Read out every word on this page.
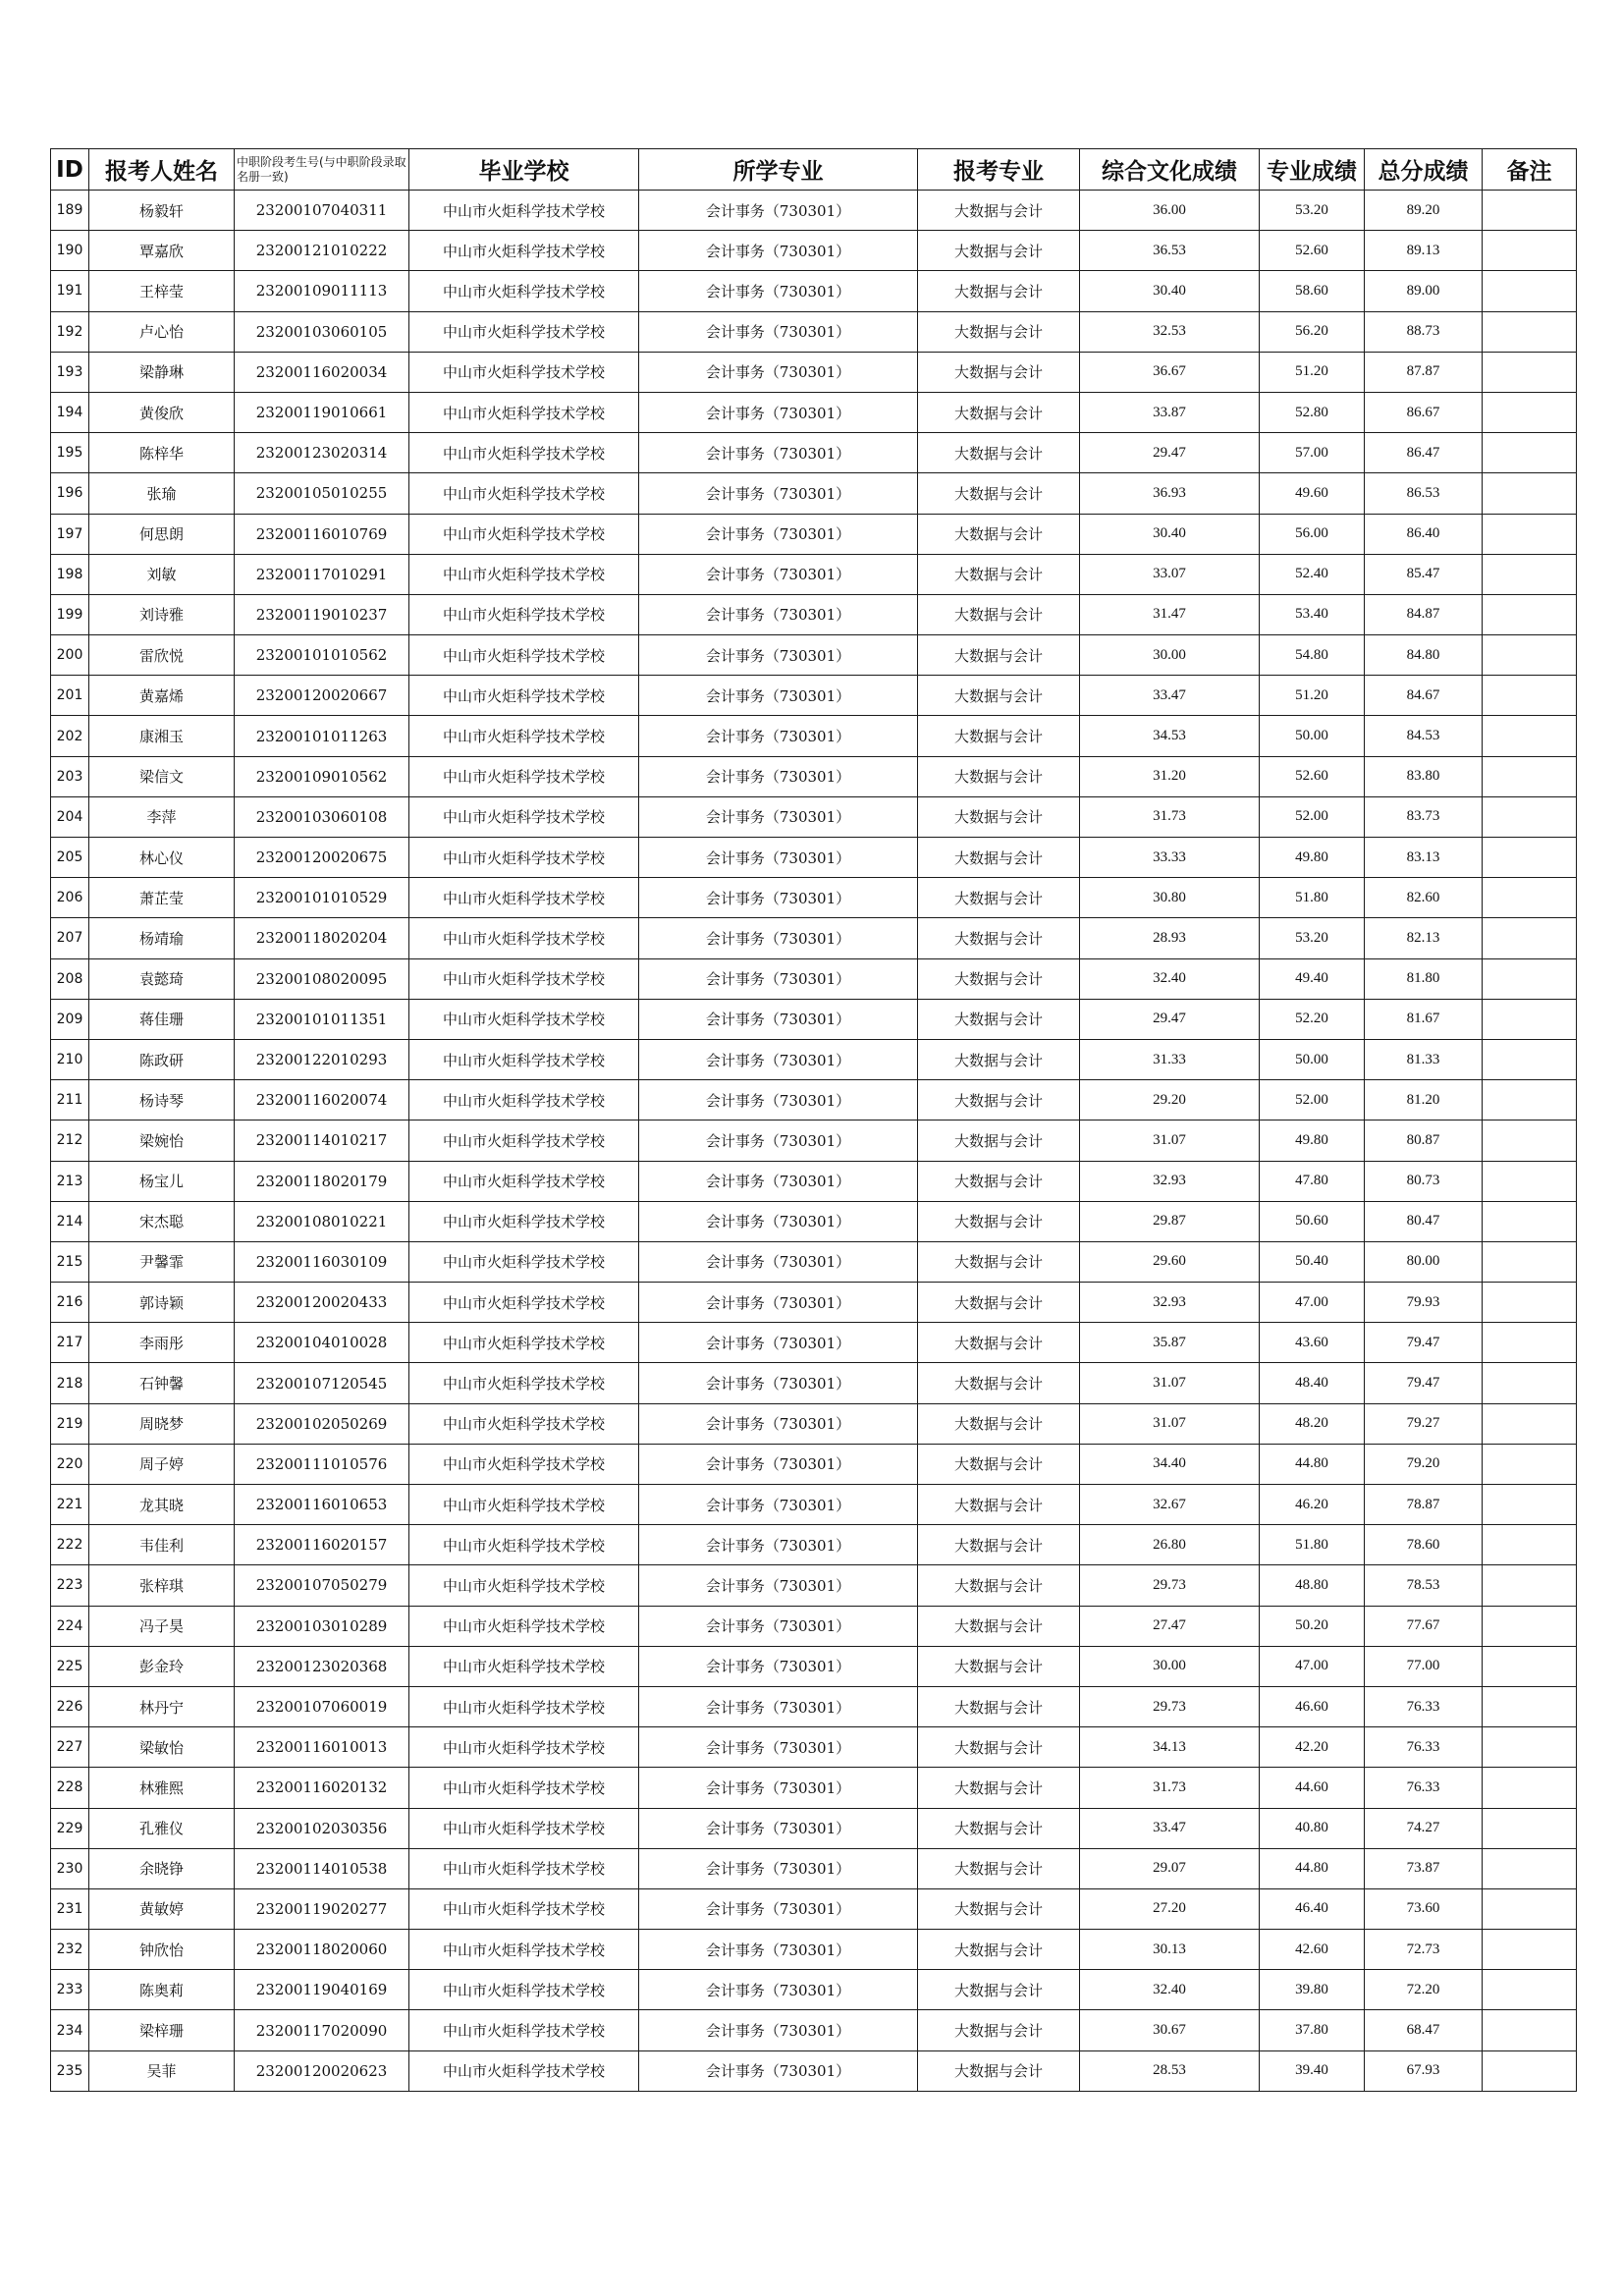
ID	报考人姓名	中职阶段考生号(与中职阶段录取名册一致)	毕业学校	所学专业	报考专业	综合文化成绩	专业成绩	总分成绩	备注
189	杨毅轩	23200107040311	中山市火炬科学技术学校	会计事务（730301）	大数据与会计	36.00	53.20	89.20	
190	覃嘉欣	23200121010222	中山市火炬科学技术学校	会计事务（730301）	大数据与会计	36.53	52.60	89.13	
191	王梓莹	23200109011113	中山市火炬科学技术学校	会计事务（730301）	大数据与会计	30.40	58.60	89.00	
192	卢心怡	23200103060105	中山市火炬科学技术学校	会计事务（730301）	大数据与会计	32.53	56.20	88.73	
193	梁静琳	23200116020034	中山市火炬科学技术学校	会计事务（730301）	大数据与会计	36.67	51.20	87.87	
194	黄俊欣	23200119010661	中山市火炬科学技术学校	会计事务（730301）	大数据与会计	33.87	52.80	86.67	
195	陈梓华	23200123020314	中山市火炬科学技术学校	会计事务（730301）	大数据与会计	29.47	57.00	86.47	
196	张瑜	23200105010255	中山市火炬科学技术学校	会计事务（730301）	大数据与会计	36.93	49.60	86.53	
197	何思朗	23200116010769	中山市火炬科学技术学校	会计事务（730301）	大数据与会计	30.40	56.00	86.40	
198	刘敏	23200117010291	中山市火炬科学技术学校	会计事务（730301）	大数据与会计	33.07	52.40	85.47	
199	刘诗雅	23200119010237	中山市火炬科学技术学校	会计事务（730301）	大数据与会计	31.47	53.40	84.87	
200	雷欣悦	23200101010562	中山市火炬科学技术学校	会计事务（730301）	大数据与会计	30.00	54.80	84.80	
201	黄嘉烯	23200120020667	中山市火炬科学技术学校	会计事务（730301）	大数据与会计	33.47	51.20	84.67	
202	康湘玉	23200101011263	中山市火炬科学技术学校	会计事务（730301）	大数据与会计	34.53	50.00	84.53	
203	梁信文	23200109010562	中山市火炬科学技术学校	会计事务（730301）	大数据与会计	31.20	52.60	83.80	
204	李萍	23200103060108	中山市火炬科学技术学校	会计事务（730301）	大数据与会计	31.73	52.00	83.73	
205	林心仪	23200120020675	中山市火炬科学技术学校	会计事务（730301）	大数据与会计	33.33	49.80	83.13	
206	萧芷莹	23200101010529	中山市火炬科学技术学校	会计事务（730301）	大数据与会计	30.80	51.80	82.60	
207	杨靖瑜	23200118020204	中山市火炬科学技术学校	会计事务（730301）	大数据与会计	28.93	53.20	82.13	
208	袁懿琦	23200108020095	中山市火炬科学技术学校	会计事务（730301）	大数据与会计	32.40	49.40	81.80	
209	蒋佳珊	23200101011351	中山市火炬科学技术学校	会计事务（730301）	大数据与会计	29.47	52.20	81.67	
210	陈政研	23200122010293	中山市火炬科学技术学校	会计事务（730301）	大数据与会计	31.33	50.00	81.33	
211	杨诗琴	23200116020074	中山市火炬科学技术学校	会计事务（730301）	大数据与会计	29.20	52.00	81.20	
212	梁婉怡	23200114010217	中山市火炬科学技术学校	会计事务（730301）	大数据与会计	31.07	49.80	80.87	
213	杨宝儿	23200118020179	中山市火炬科学技术学校	会计事务（730301）	大数据与会计	32.93	47.80	80.73	
214	宋杰聪	23200108010221	中山市火炬科学技术学校	会计事务（730301）	大数据与会计	29.87	50.60	80.47	
215	尹馨霏	23200116030109	中山市火炬科学技术学校	会计事务（730301）	大数据与会计	29.60	50.40	80.00	
216	郭诗颖	23200120020433	中山市火炬科学技术学校	会计事务（730301）	大数据与会计	32.93	47.00	79.93	
217	李雨彤	23200104010028	中山市火炬科学技术学校	会计事务（730301）	大数据与会计	35.87	43.60	79.47	
218	石钟馨	23200107120545	中山市火炬科学技术学校	会计事务（730301）	大数据与会计	31.07	48.40	79.47	
219	周晓梦	23200102050269	中山市火炬科学技术学校	会计事务（730301）	大数据与会计	31.07	48.20	79.27	
220	周子婷	23200111010576	中山市火炬科学技术学校	会计事务（730301）	大数据与会计	34.40	44.80	79.20	
221	龙其晓	23200116010653	中山市火炬科学技术学校	会计事务（730301）	大数据与会计	32.67	46.20	78.87	
222	韦佳利	23200116020157	中山市火炬科学技术学校	会计事务（730301）	大数据与会计	26.80	51.80	78.60	
223	张梓琪	23200107050279	中山市火炬科学技术学校	会计事务（730301）	大数据与会计	29.73	48.80	78.53	
224	冯子昊	23200103010289	中山市火炬科学技术学校	会计事务（730301）	大数据与会计	27.47	50.20	77.67	
225	彭金玲	23200123020368	中山市火炬科学技术学校	会计事务（730301）	大数据与会计	30.00	47.00	77.00	
226	林丹宁	23200107060019	中山市火炬科学技术学校	会计事务（730301）	大数据与会计	29.73	46.60	76.33	
227	梁敏怡	23200116010013	中山市火炬科学技术学校	会计事务（730301）	大数据与会计	34.13	42.20	76.33	
228	林雅熙	23200116020132	中山市火炬科学技术学校	会计事务（730301）	大数据与会计	31.73	44.60	76.33	
229	孔雅仪	23200102030356	中山市火炬科学技术学校	会计事务（730301）	大数据与会计	33.47	40.80	74.27	
230	余晓铮	23200114010538	中山市火炬科学技术学校	会计事务（730301）	大数据与会计	29.07	44.80	73.87	
231	黄敏婷	23200119020277	中山市火炬科学技术学校	会计事务（730301）	大数据与会计	27.20	46.40	73.60	
232	钟欣怡	23200118020060	中山市火炬科学技术学校	会计事务（730301）	大数据与会计	30.13	42.60	72.73	
233	陈奥莉	23200119040169	中山市火炬科学技术学校	会计事务（730301）	大数据与会计	32.40	39.80	72.20	
234	梁梓珊	23200117020090	中山市火炬科学技术学校	会计事务（730301）	大数据与会计	30.67	37.80	68.47	
235	吴菲	23200120020623	中山市火炬科学技术学校	会计事务（730301）	大数据与会计	28.53	39.40	67.93	
